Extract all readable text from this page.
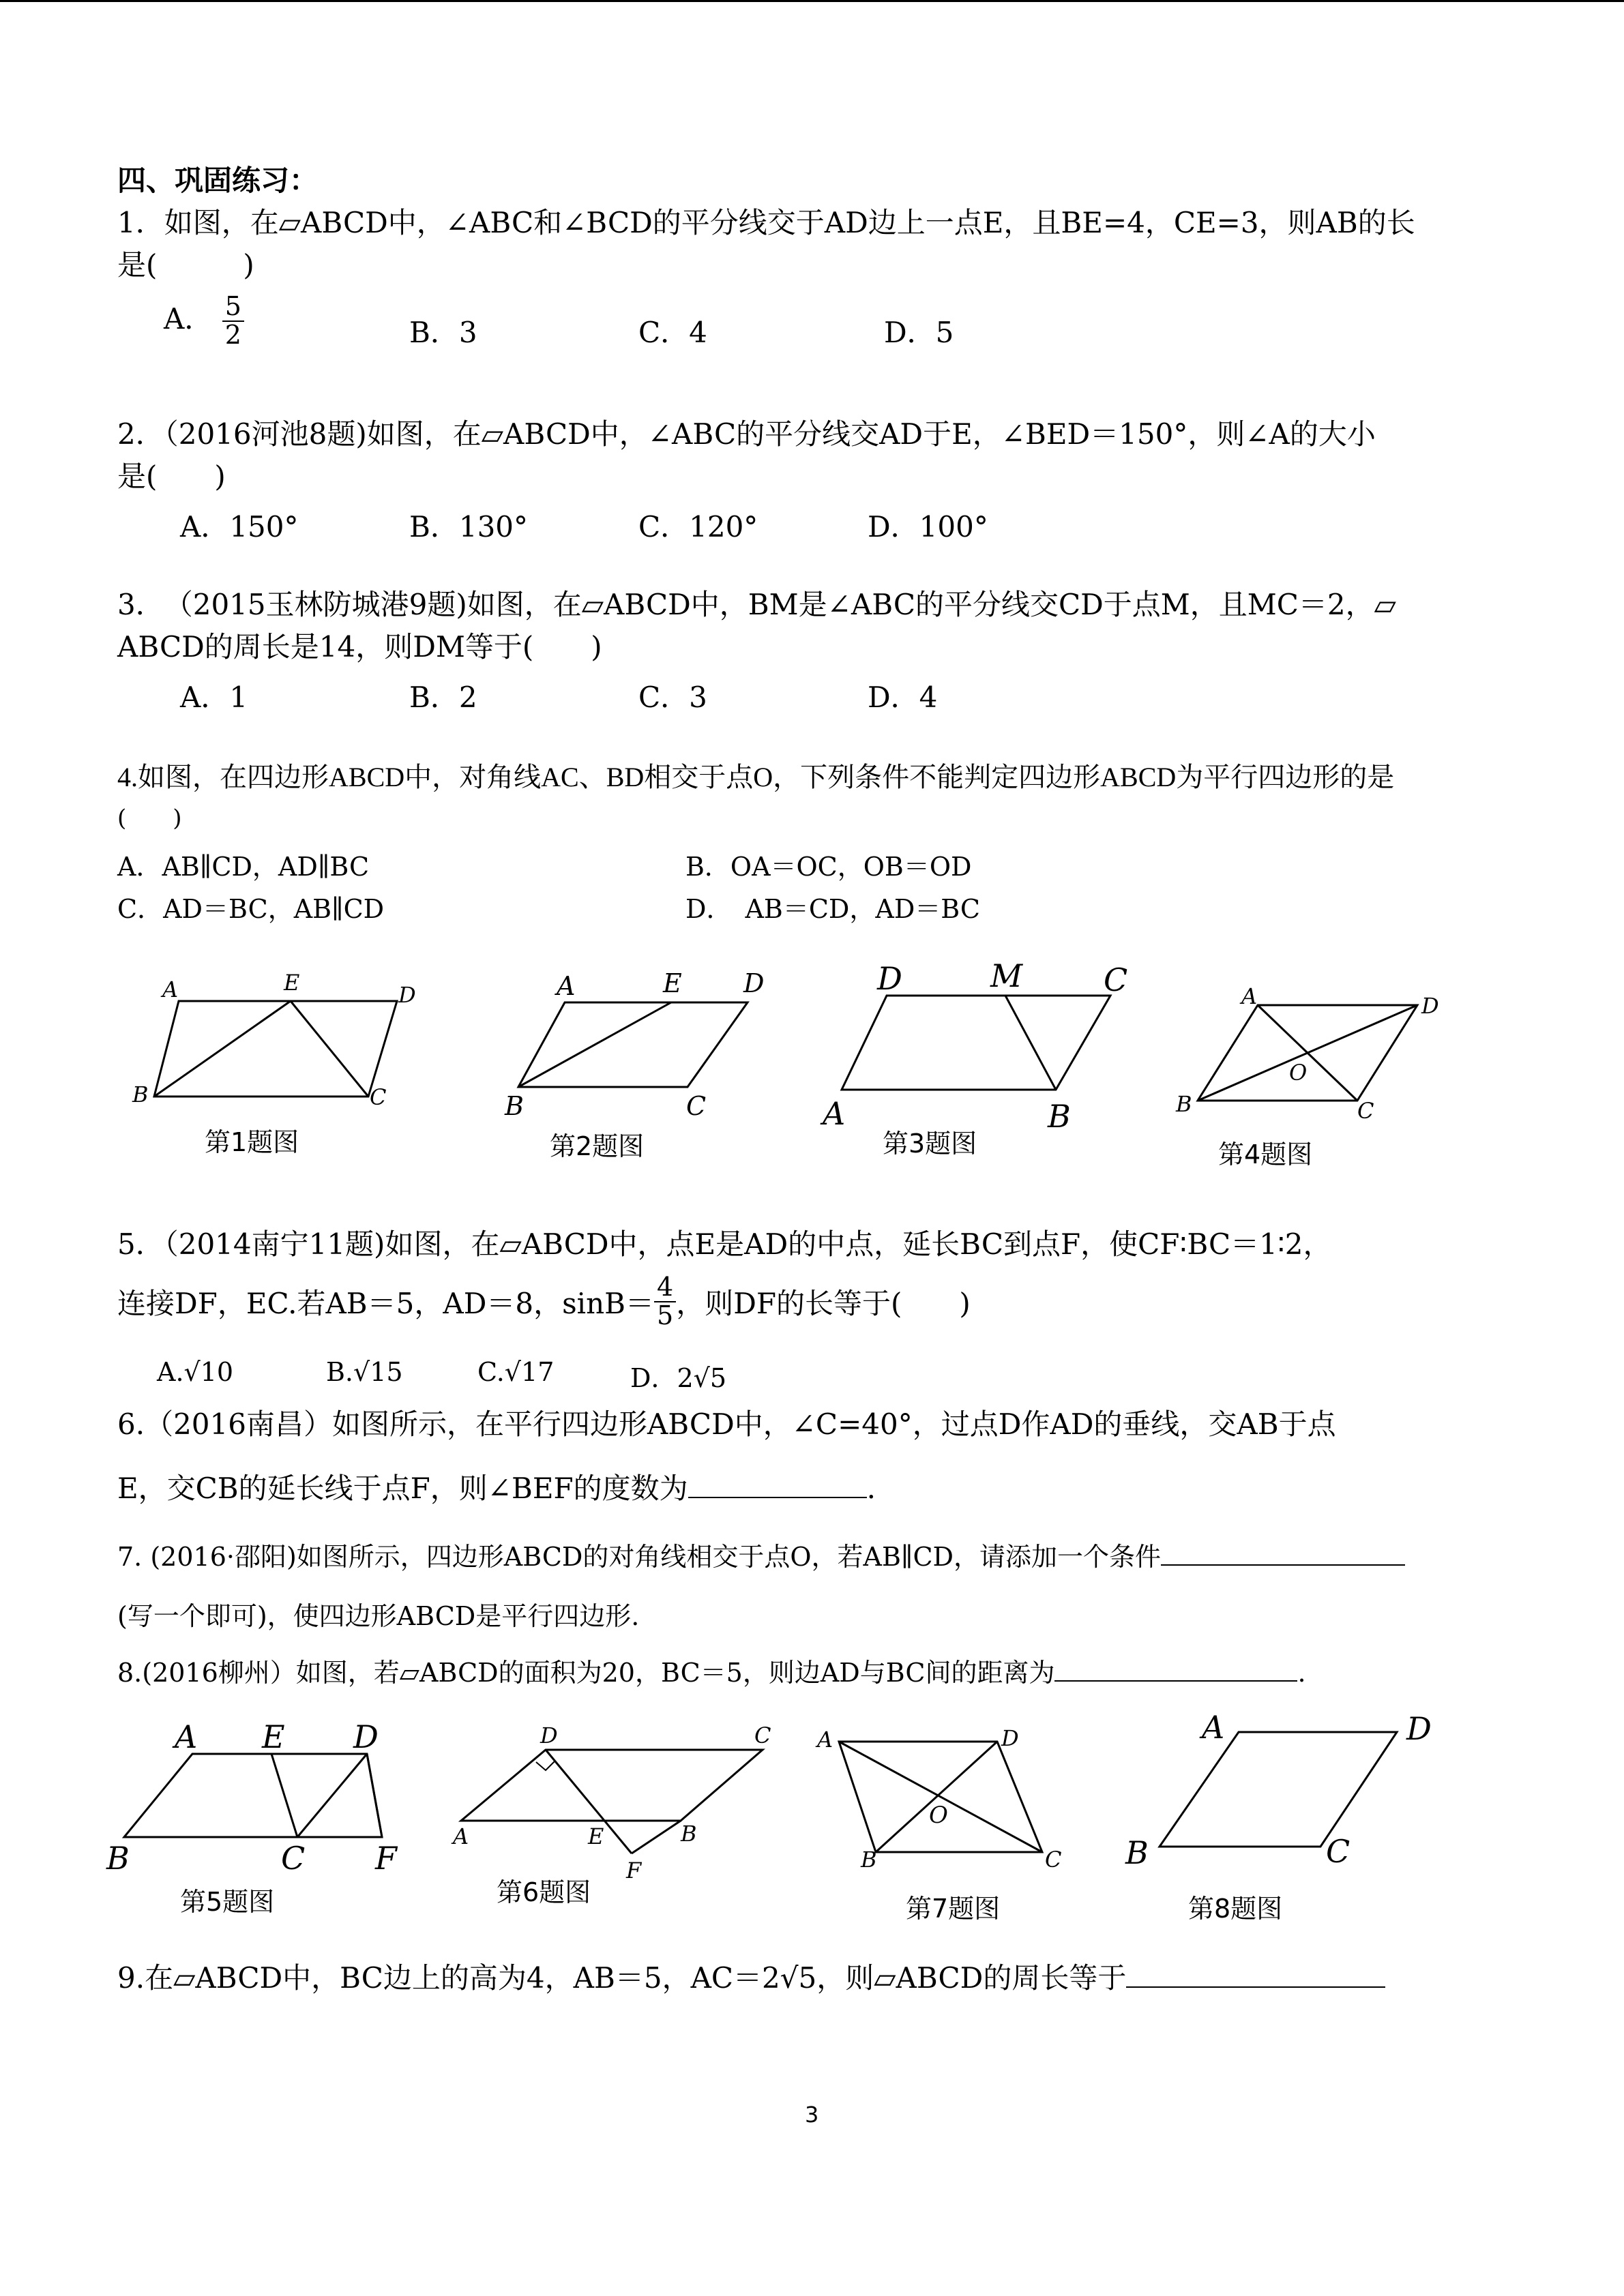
四、巩固练习：
1．如图，在▱ABCD中，∠ABC和∠BCD的平分线交于AD边上一点E，且BE=4，CE=3，则AB的长
是(　　　)
A． $\frac{5}{2}$	B．3	C．4	D．5
2．（2016河池8题)如图，在▱ABCD中，∠ABC的平分线交AD于E，∠BED＝150°，则∠A的大小
是(　　)
A．150°	B．130°	C．120°	D．100°
3．　（2015玉林防城港9题)如图，在▱ABCD中，BM是∠ABC的平分线交CD于点M，且MC＝2，▱
ABCD的周长是14，则DM等于(　　)
A．1	B．2	C．3	D．4
4.如图，在四边形ABCD中，对角线AC、BD相交于点O，下列条件不能判定四边形ABCD为平行四边形的是
(　　)
A．AB∥CD，AD∥BC	B．OA＝OC，OB＝OD
C．AD＝BC，AB∥CD	D．　AB＝CD，AD＝BC
A	E	D
B	C
第1题图
A	E D
B	C
第2题图
D	M	C
A	B
第3题图
A	D
O
B	C
第4题图
5．（2014南宁11题)如图，在▱ABCD中，点E是AD的中点，延长BC到点F，使CF∶BC＝1∶2，
连接DF，EC.若AB＝5，AD＝8，$\sin B= \frac{4}{5}$ ，则DF的长等于(　　)
A.√10	B.√15	C.√17	D．2√5
6.（2016南昌）如图所示，在平行四边形ABCD中，∠C=40°，过点D作AD的垂线，交AB于点
E，交CB的延长线于点F，则∠BEF的度数为	.
7. (2016·邵阳)如图所示，四边形ABCD的对角线相交于点O，若AB∥CD，请添加一个条件
(写一个即可)，使四边形ABCD是平行四边形.
8.(2016柳州）如图，若▱ABCD的面积为20，BC＝5，则边AD与BC间的距离为	.
A E D
B	C F
第5题图
D	C
A	E	B
F
第6题图
A	D
O
B	C
第7题图
A	D
B	C
第8题图
9.在▱ABCD中，BC边上的高为4，AB＝5，AC＝2√5，则▱ABCD的周长等于
3
